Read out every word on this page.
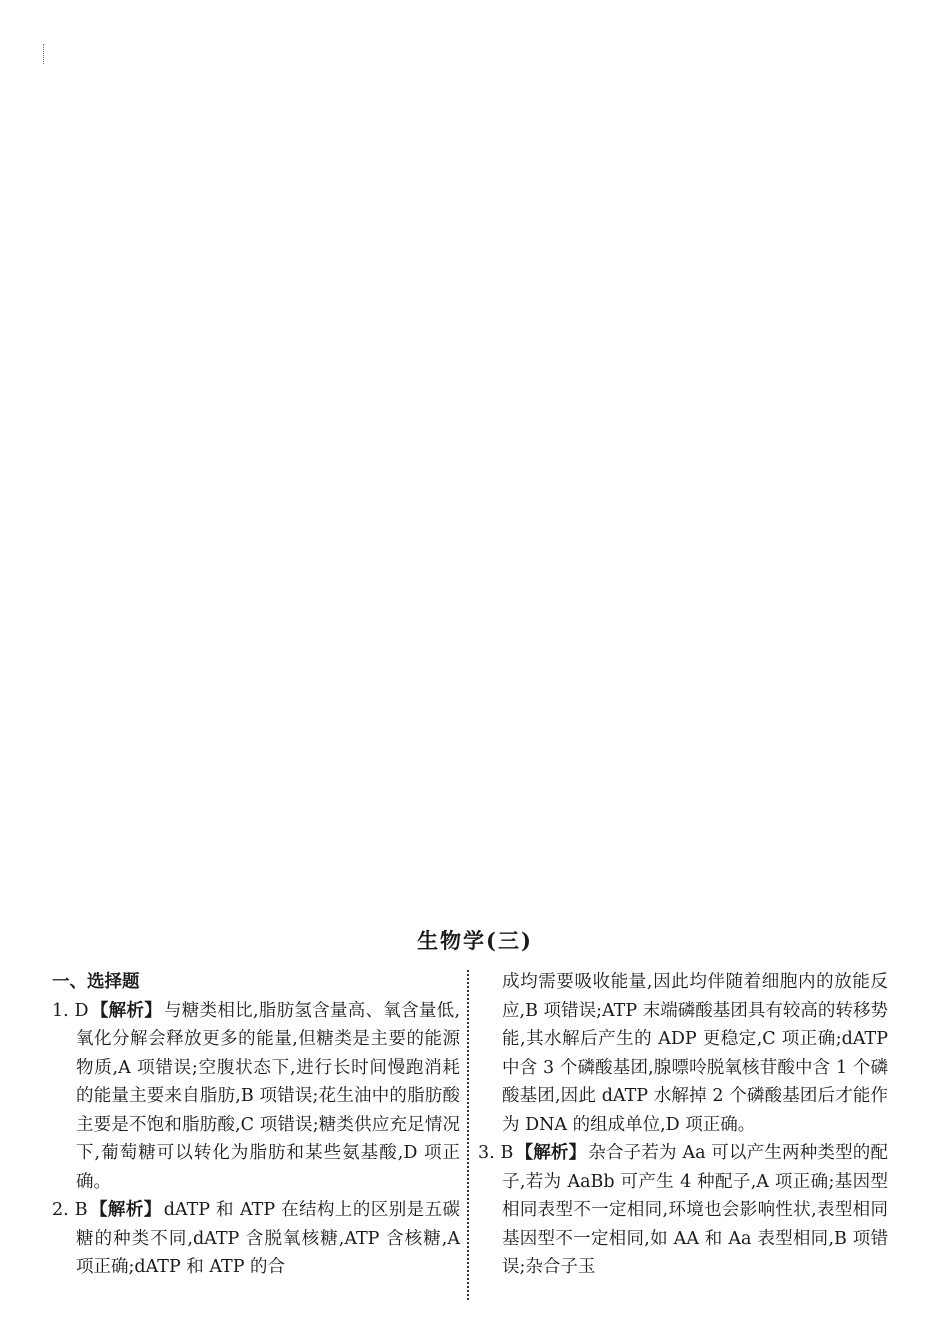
生物学(三)

一、选择题

1. D 【解析】 与糖类相比,脂肪氢含量高、氧含量低,氧化分解会释放更多的能量,但糖类是主要的能源物质,A 项错误;空腹状态下,进行长时间慢跑消耗的能量主要来自脂肪,B 项错误;花生油中的脂肪酸主要是不饱和脂肪酸,C 项错误;糖类供应充足情况下,葡萄糖可以转化为脂肪和某些氨基酸,D 项正确。

2. B 【解析】 dATP 和 ATP 在结构上的区别是五碳糖的种类不同,dATP 含脱氧核糖,ATP 含核糖,A 项正确;dATP 和 ATP 的合

成均需要吸收能量,因此均伴随着细胞内的放能反应,B 项错误;ATP 末端磷酸基团具有较高的转移势能,其水解后产生的 ADP 更稳定,C 项正确;dATP 中含 3 个磷酸基团,腺嘌呤脱氧核苷酸中含 1 个磷酸基团,因此 dATP 水解掉 2 个磷酸基团后才能作为 DNA 的组成单位,D 项正确。

3. B 【解析】 杂合子若为 Aa 可以产生两种类型的配子,若为 AaBb 可产生 4 种配子,A 项正确;基因型相同表型不一定相同,环境也会影响性状,表型相同基因型不一定相同,如 AA 和 Aa 表型相同,B 项错误;杂合子玉
